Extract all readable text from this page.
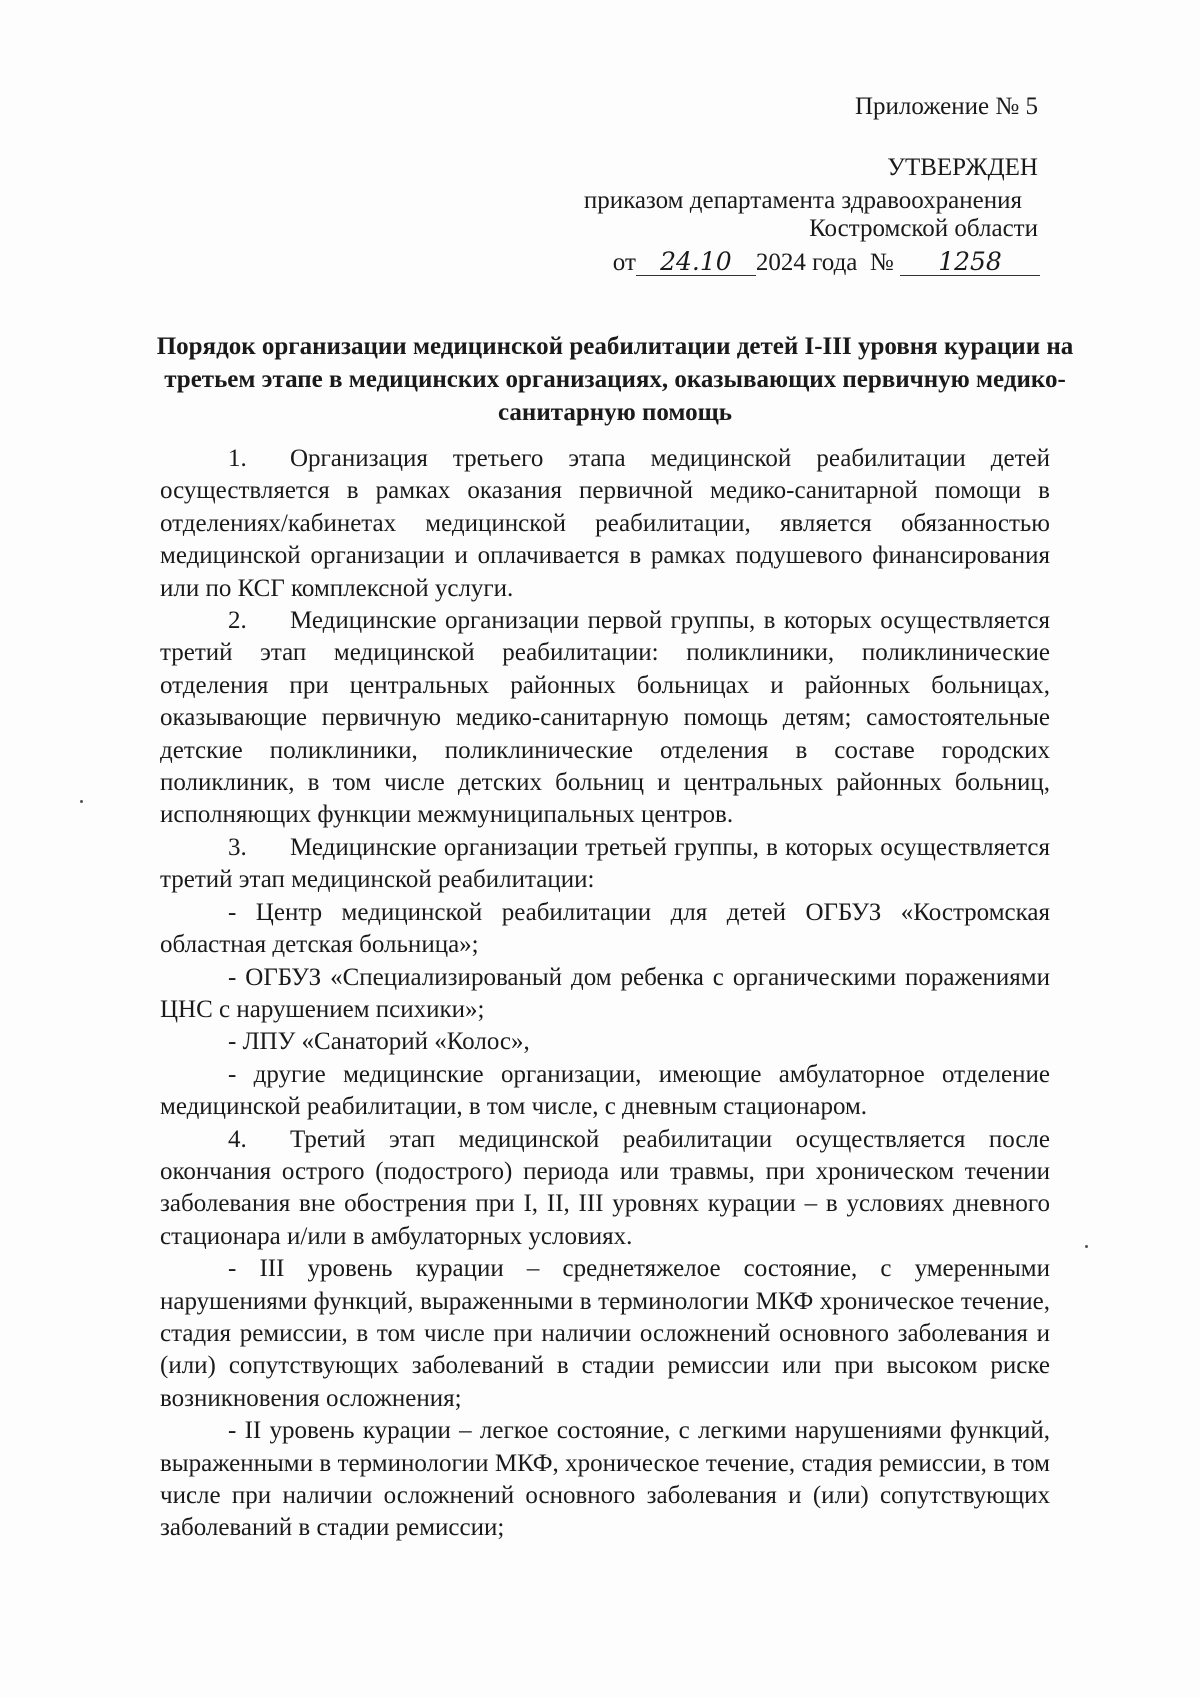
Приложение № 5
УТВЕРЖДЕН
приказом департамента здравоохранения
Костромской области
от 24.10 2024 года № 1258
Порядок организации медицинской реабилитации детей I-III уровня курации на третьем этапе в медицинских организациях, оказывающих первичную медико-санитарную помощь

1. Организация третьего этапа медицинской реабилитации детей осуществляется в рамках оказания первичной медико-санитарной помощи в отделениях/кабинетах медицинской реабилитации, является обязанностью медицинской организации и оплачивается в рамках подушевого финансирования или по КСГ комплексной услуги.

2. Медицинские организации первой группы, в которых осуществляется третий этап медицинской реабилитации: поликлиники, поликлинические отделения при центральных районных больницах и районных больницах, оказывающие первичную медико-санитарную помощь детям; самостоятельные детские поликлиники, поликлинические отделения в составе городских поликлиник, в том числе детских больниц и центральных районных больниц, исполняющих функции межмуниципальных центров.

3. Медицинские организации третьей группы, в которых осуществляется третий этап медицинской реабилитации:

- Центр медицинской реабилитации для детей ОГБУЗ «Костромская областная детская больница»;

- ОГБУЗ «Специализированый дом ребенка с органическими поражениями ЦНС с нарушением психики»;

- ЛПУ «Санаторий «Колос»,

- другие медицинские организации, имеющие амбулаторное отделение медицинской реабилитации, в том числе, с дневным стационаром.

4. Третий этап медицинской реабилитации осуществляется после окончания острого (подострого) периода или травмы, при хроническом течении заболевания вне обострения при I, II, III уровнях курации – в условиях дневного стационара и/или в амбулаторных условиях.

- III уровень курации – среднетяжелое состояние, с умеренными нарушениями функций, выраженными в терминологии МКФ хроническое течение, стадия ремиссии, в том числе при наличии осложнений основного заболевания и (или) сопутствующих заболеваний в стадии ремиссии или при высоком риске возникновения осложнения;

- II уровень курации – легкое состояние, с легкими нарушениями функций, выраженными в терминологии МКФ, хроническое течение, стадия ремиссии, в том числе при наличии осложнений основного заболевания и (или) сопутствующих заболеваний в стадии ремиссии;
